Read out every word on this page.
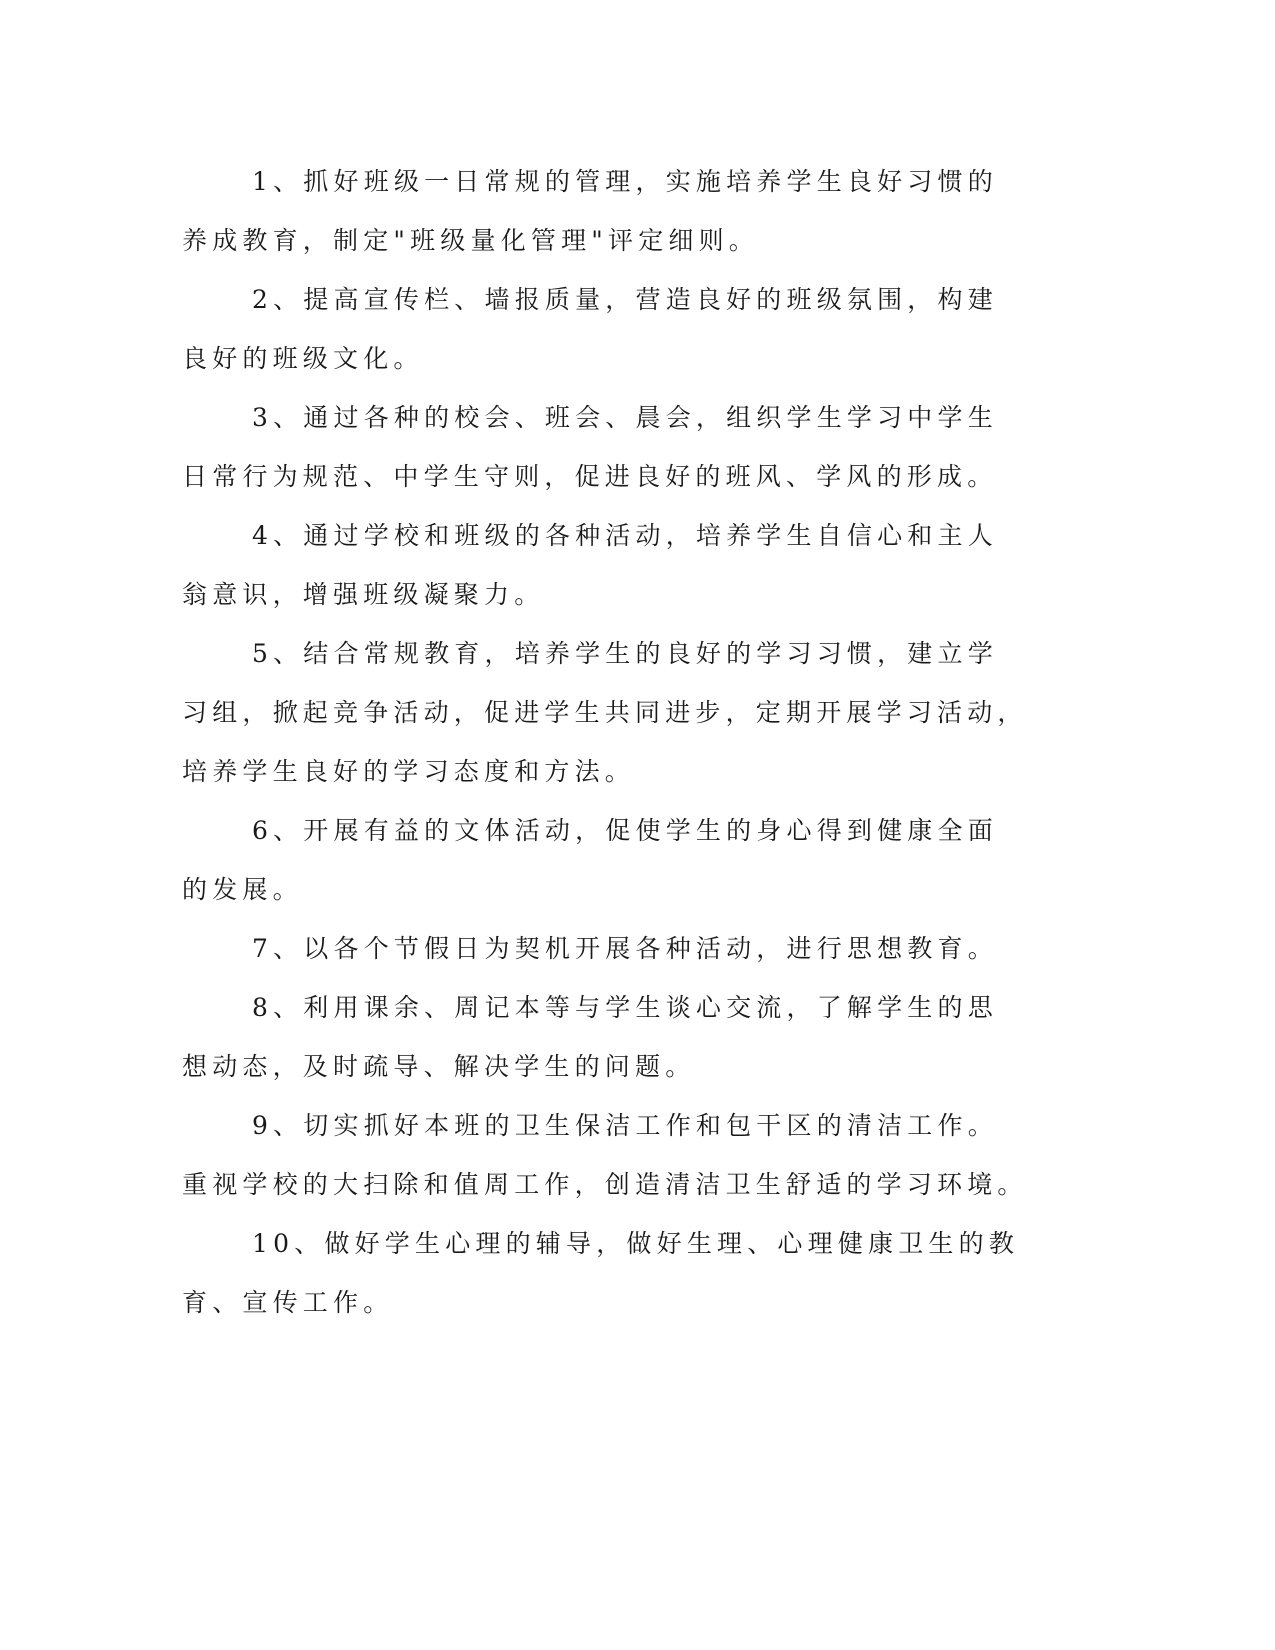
1、抓好班级一日常规的管理，实施培养学生良好习惯的养成教育，制定"班级量化管理"评定细则。

2、提高宣传栏、墙报质量，营造良好的班级氛围，构建良好的班级文化。

3、通过各种的校会、班会、晨会，组织学生学习中学生日常行为规范、中学生守则，促进良好的班风、学风的形成。

4、通过学校和班级的各种活动，培养学生自信心和主人翁意识，增强班级凝聚力。

5、结合常规教育，培养学生的良好的学习习惯，建立学习组，掀起竞争活动，促进学生共同进步，定期开展学习活动，培养学生良好的学习态度和方法。

6、开展有益的文体活动，促使学生的身心得到健康全面的发展。

7、以各个节假日为契机开展各种活动，进行思想教育。

8、利用课余、周记本等与学生谈心交流，了解学生的思想动态，及时疏导、解决学生的问题。

9、切实抓好本班的卫生保洁工作和包干区的清洁工作。重视学校的大扫除和值周工作，创造清洁卫生舒适的学习环境。

10、做好学生心理的辅导，做好生理、心理健康卫生的教育、宣传工作。
